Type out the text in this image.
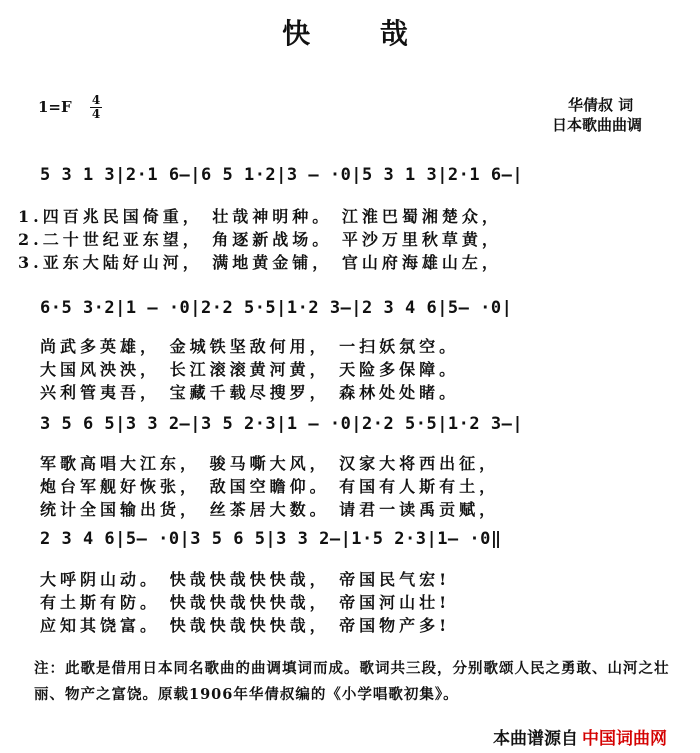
快 哉
1=F	4
4	华倩叔 词
日本歌曲曲调
5 3 1 3|2·1 6—|6 5 1·2|3 — ·0|5 3 1 3|2·1 6—|
1.四百兆民国倚重， 壮哉神明种。 江淮巴蜀湘楚众，
2.二十世纪亚东望， 角逐新战场。 平沙万里秋草黄，
3.亚东大陆好山河， 满地黄金铺， 官山府海雄山左，
6·5 3·2|1 — ·0|2·2 5·5|1·2 3—|2 3 4 6|5— ·0|
尚武多英雄， 金城铁坚敌何用， 一扫妖氛空。
大国风泱泱， 长江滚滚黄河黄， 天险多保障。
兴利管夷吾， 宝藏千载尽搜罗， 森林处处睹。
3 5 6 5|3 3 2—|3 5 2·3|1 — ·0|2·2 5·5|1·2 3—|
军歌高唱大江东， 骏马嘶大风， 汉家大将西出征，
炮台军舰好恢张， 敌国空瞻仰。 有国有人斯有土，
统计全国输出货， 丝茶居大数。 请君一读禹贡赋，
2 3 4 6|5— ·0|3 5 6 5|3 3 2—|1·5 2·3|1— ·0‖
大呼阴山动。 快哉快哉快快哉， 帝国民气宏!
有土斯有防。 快哉快哉快快哉， 帝国河山壮!
应知其饶富。 快哉快哉快快哉， 帝国物产多!
注：此歌是借用日本同名歌曲的曲调填词而成。歌词共三段，分别歌颂人民之勇敢、山河之壮丽、物产之富饶。原载1906年华倩叔编的《小学唱歌初集》。
本曲谱源自 中国词曲网
